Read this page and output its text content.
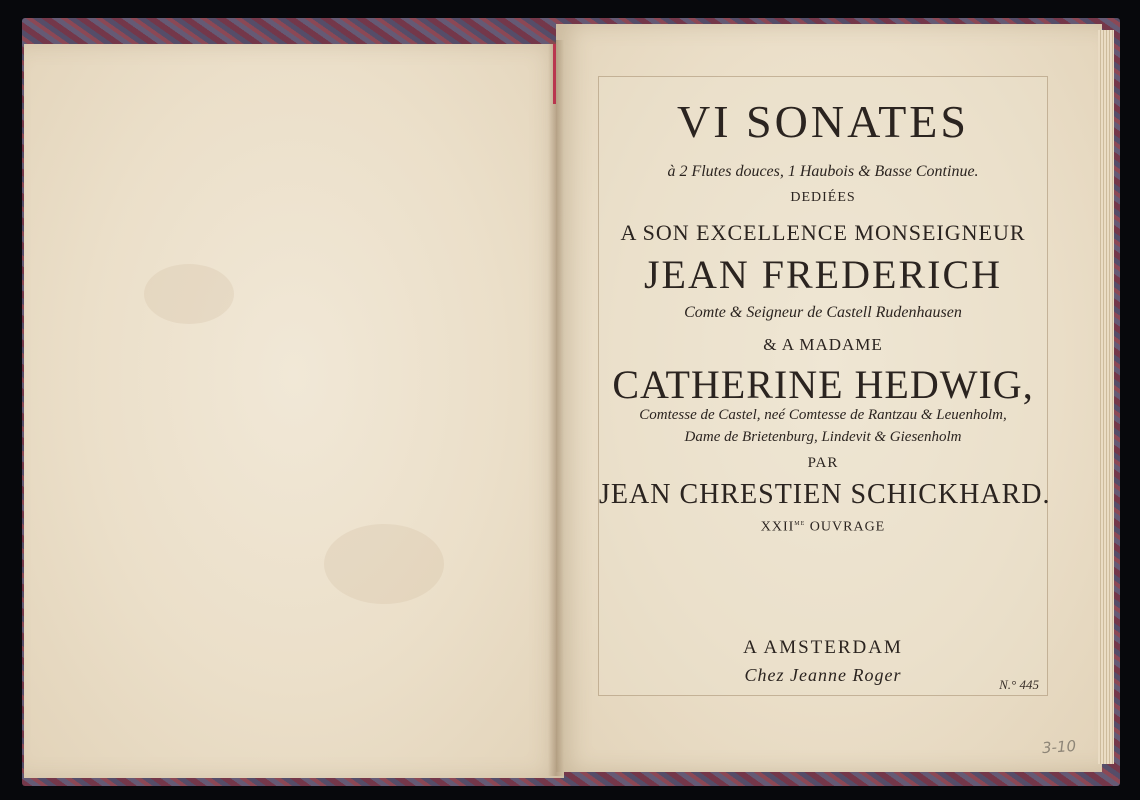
VI SONATES
à 2 Flutes douces, 1 Haubois & Basse Continue.
DEDIÉES
A SON EXCELLENCE MONSEIGNEUR
JEAN FREDERICH
Comte & Seigneur de Castell Rudenhausen
& A MADAME
CATHERINE HEDWIG,
Comtesse de Castel, neé Comtesse de Rantzau & Leuenholm,
Dame de Brietenburg, Lindevit & Giesenholm
PAR
JEAN CHRESTIEN SCHICKHARD.
$XXII^{me}$ OUVRAGE
A AMSTERDAM
Chez Jeanne Roger	N.° 445
3-10
